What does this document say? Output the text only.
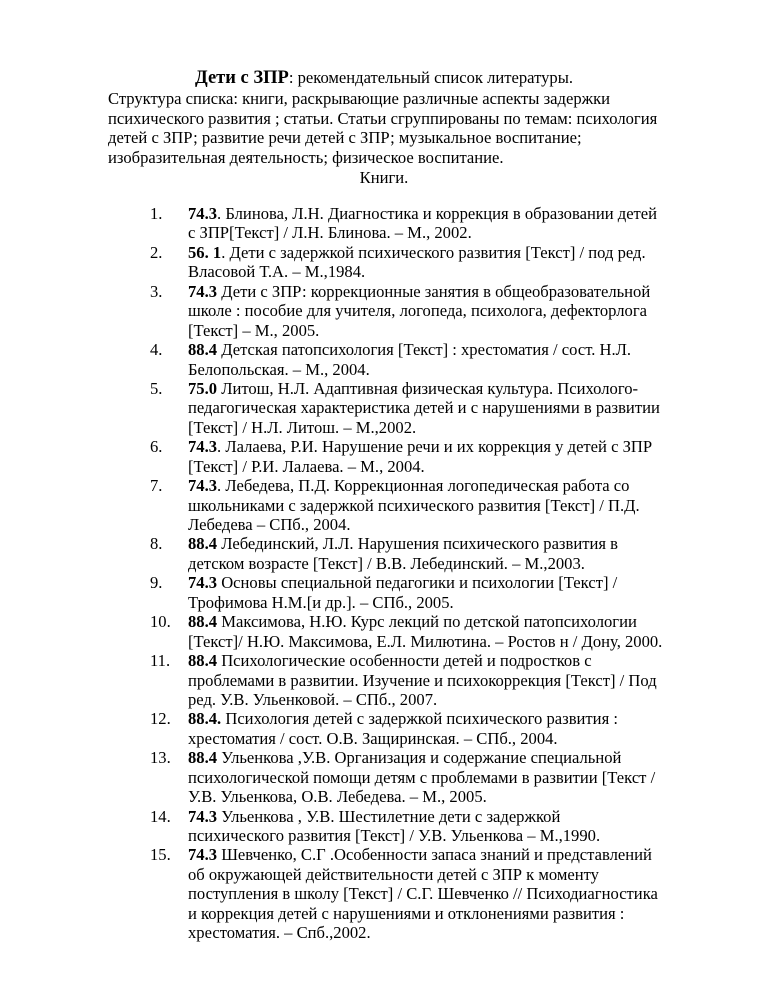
Дети с ЗПР: рекомендательный список литературы.
Структура списка: книги, раскрывающие различные аспекты задержки
психического развития ; статьи. Статьи сгруппированы по темам: психология
детей с ЗПР; развитие речи детей с ЗПР; музыкальное воспитание;
изобразительная деятельность; физическое воспитание.
Книги.
1.	74.3. Блинова, Л.Н. Диагностика и коррекция в образовании детей
с ЗПР[Текст] / Л.Н. Блинова. – М., 2002.
2.	56. 1. Дети с задержкой психического развития [Текст] / под ред.
Власовой Т.А. – М.,1984.
3.	74.3 Дети с ЗПР: коррекционные занятия в общеобразовательной
школе : пособие для учителя, логопеда, психолога, дефекторлога
[Текст] – М., 2005.
4.	88.4 Детская патопсихология [Текст] : хрестоматия / сост. Н.Л.
Белопольская. – М., 2004.
5.	75.0 Литош, Н.Л. Адаптивная физическая культура. Психолого-
педагогическая характеристика детей и с нарушениями в развитии
[Текст] / Н.Л. Литош. – М.,2002.
6.	74.3. Лалаева, Р.И. Нарушение речи и их коррекция у детей с ЗПР
[Текст] / Р.И. Лалаева. – М., 2004.
7.	74.3. Лебедева, П.Д. Коррекционная логопедическая работа со
школьниками с задержкой психического развития [Текст] / П.Д.
Лебедева – СПб., 2004.
8.	88.4 Лебединский, Л.Л. Нарушения психического развития в
детском возрасте [Текст] / В.В. Лебединский. – М.,2003.
9.	74.3 Основы специальной педагогики и психологии [Текст] /
Трофимова Н.М.[и др.]. – СПб., 2005.
10.	88.4 Максимова, Н.Ю. Курс лекций по детской патопсихологии
[Текст]/ Н.Ю. Максимова, Е.Л. Милютина. – Ростов н / Дону, 2000.
11.	88.4 Психологические особенности детей и подростков с
проблемами в развитии. Изучение и психокоррекция [Текст] / Под
ред. У.В. Ульенковой. – СПб., 2007.
12.	88.4. Психология детей с задержкой психического развития :
хрестоматия / сост. О.В. Защиринская. – СПб., 2004.
13.	88.4 Ульенкова ,У.В. Организация и содержание специальной
психологической помощи детям с проблемами в развитии [Текст /
У.В. Ульенкова, О.В. Лебедева. – М., 2005.
14.	74.3 Ульенкова , У.В. Шестилетние дети с задержкой
психического развития [Текст] / У.В. Ульенкова – М.,1990.
15.	74.3 Шевченко, С.Г .Особенности запаса знаний и представлений
об окружающей действительности детей с ЗПР к моменту
поступления в школу [Текст] / С.Г. Шевченко // Психодиагностика
и коррекция детей с нарушениями и отклонениями развития :
хрестоматия. – Спб.,2002.
